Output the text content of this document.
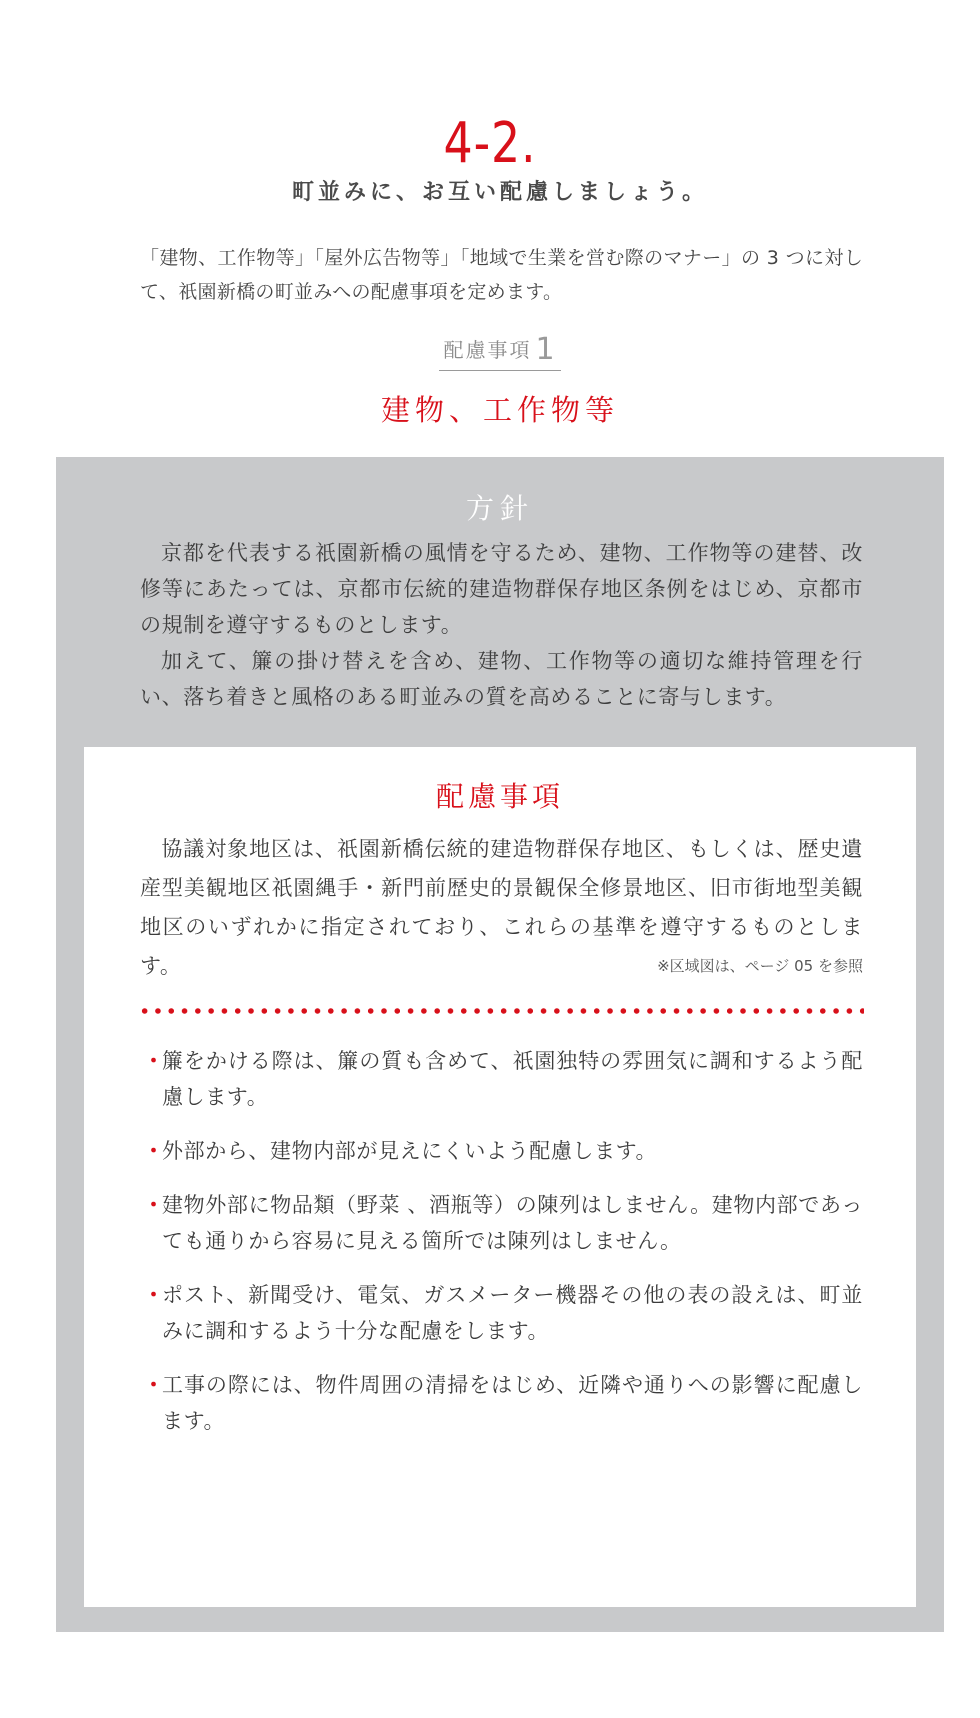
4-2.
町並みに、お互い配慮しましょう。
「建物、工作物等」「屋外広告物等」「地域で生業を営む際のマナー」の 3 つに対して、祇園新橋の町並みへの配慮事項を定めます。
配慮事項 1
建物、工作物等
方針

京都を代表する祇園新橋の風情を守るため、建物、工作物等の建替、改修等にあたっては、京都市伝統的建造物群保存地区条例をはじめ、京都市の規制を遵守するものとします。

加えて、簾の掛け替えを含め、建物、工作物等の適切な維持管理を行い、落ち着きと風格のある町並みの質を高めることに寄与します。

配慮事項
協議対象地区は、祇園新橋伝統的建造物群保存地区、もしくは、歴史遺産型美観地区祇園縄手・新門前歴史的景観保全修景地区、旧市街地型美観地区のいずれかに指定されており、これらの基準を遵守するものとします。	※区域図は、ページ 05 を参照
・
簾をかける際は、簾の質も含めて、祇園独特の雰囲気に調和するよう配慮します。
・
外部から、建物内部が見えにくいよう配慮します。
・
建物外部に物品類（野菜 、酒瓶等）の陳列はしません。建物内部であっても通りから容易に見える箇所では陳列はしません。
・
ポスト、新聞受け、電気、ガスメーター機器その他の表の設えは、町並みに調和するよう十分な配慮をします。
・
工事の際には、物件周囲の清掃をはじめ、近隣や通りへの影響に配慮します。
